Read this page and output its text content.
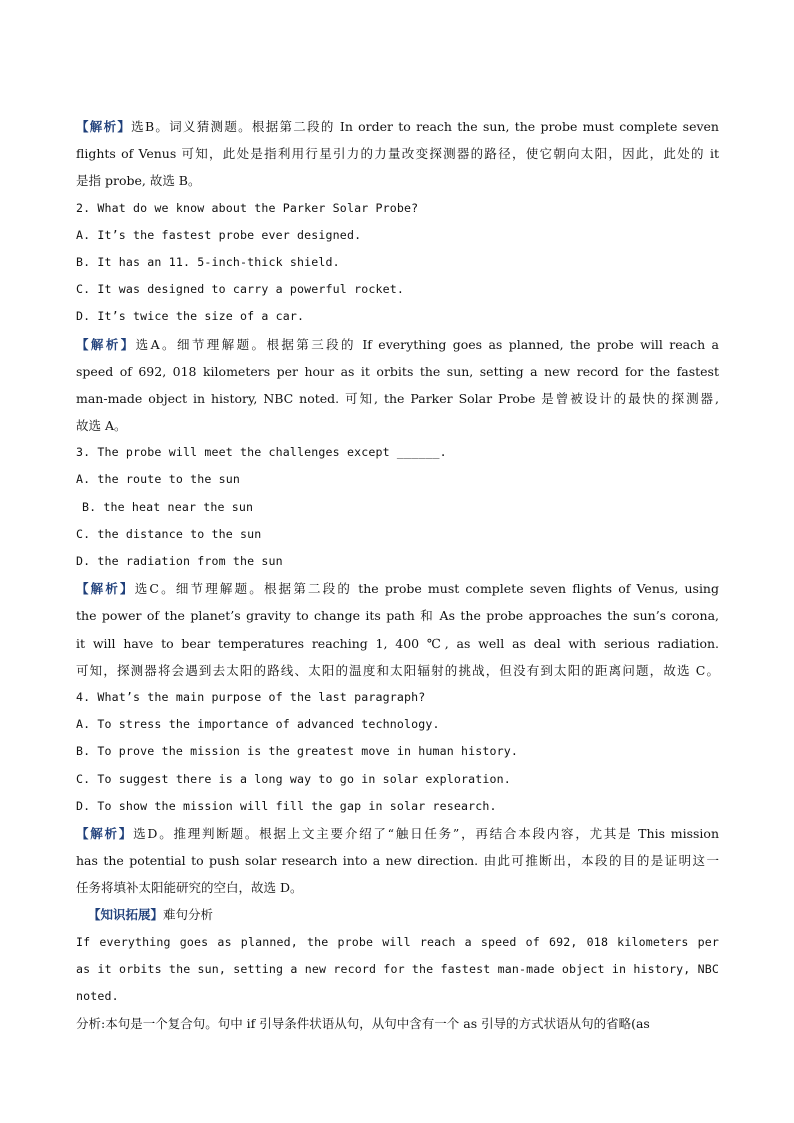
【解析】选B。词义猜测题。根据第二段的 In order to reach the sun, the probe must complete seven
flights of Venus 可知，此处是指利用行星引力的力量改变探测器的路径，使它朝向太阳，因此，此处的 it
是指 probe, 故选 B。
2. What do we know about the Parker Solar Probe?
A. It’s the fastest probe ever designed.
B. It has an 11. 5-inch-thick shield.
C. It was designed to carry a powerful rocket.
D. It’s twice the size of a car.
【解析】选A。细节理解题。根据第三段的 If everything goes as planned, the probe will reach a
speed of 692, 018 kilometers per hour as it orbits the sun, setting a new record for the fastest
man-made object in history, NBC noted. 可知, the Parker Solar Probe 是曾被设计的最快的探测器,
故选 A。
3. The probe will meet the challenges except ______.
A. the route to the sun
B. the heat near the sun
C. the distance to the sun
D. the radiation from the sun
【解析】选C。细节理解题。根据第二段的 the probe must complete seven flights of Venus, using
the power of the planet’s gravity to change its path 和 As the probe approaches the sun’s corona,
it will have to bear temperatures reaching 1, 400 ℃, as well as deal with serious radiation.
可知，探测器将会遇到去太阳的路线、太阳的温度和太阳辐射的挑战，但没有到太阳的距离问题，故选 C。
4. What’s the main purpose of the last paragraph?
A. To stress the importance of advanced technology.
B. To prove the mission is the greatest move in human history.
C. To suggest there is a long way to go in solar exploration.
D. To show the mission will fill the gap in solar research.
【解析】选D。推理判断题。根据上文主要介绍了“触日任务”，再结合本段内容，尤其是 This mission
has the potential to push solar research into a new direction. 由此可推断出，本段的目的是证明这一
任务将填补太阳能研究的空白，故选 D。
【知识拓展】难句分析
If everything goes as planned, the probe will reach a speed of 692, 018 kilometers per
as it orbits the sun, setting a new record for the fastest man-made object in history, NBC
noted.
分析:本句是一个复合句。句中 if 引导条件状语从句，从句中含有一个 as 引导的方式状语从句的省略(as
